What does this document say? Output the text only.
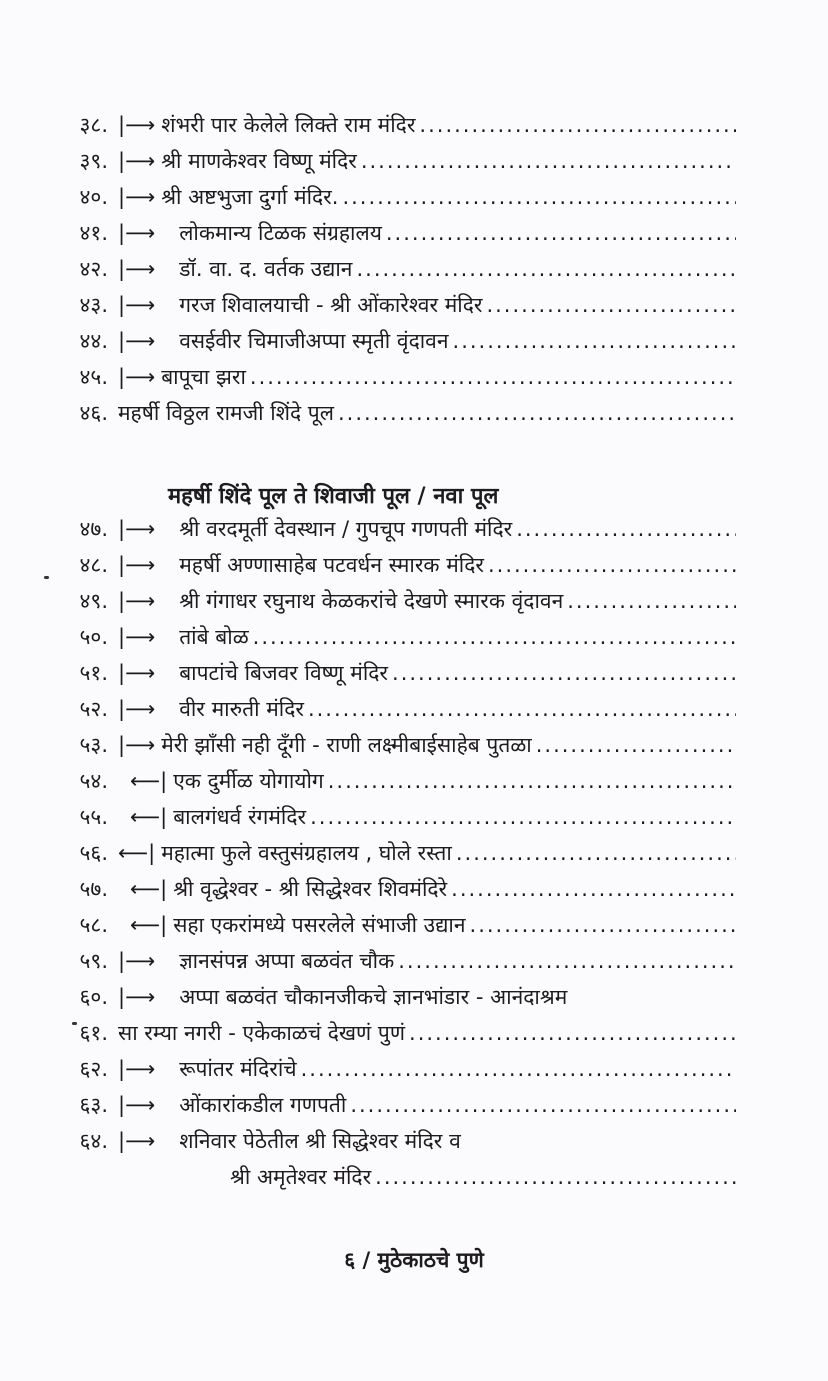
३८. |⟶ शंभरी पार केलेले लिक्ते राम मंदिर
.....
३९. |⟶ श्री माणकेश्वर विष्णू मंदिर
.....
४०. |⟶ श्री अष्टभुजा दुर्गा मंदिर.
.....
४१. |⟶ लोकमान्य टिळक संग्रहालय
.....
४२. |⟶ डॉ. वा. द. वर्तक उद्यान
.....
४३. |⟶ गरज शिवालयाची - श्री ओंकारेश्वर मंदिर
.....
४४. |⟶ वसईवीर चिमाजीअप्पा स्मृती वृंदावन
.....
४५. |⟶ बापूचा झरा
.....
४६. महर्षी विठ्ठल रामजी शिंदे पूल
.....
महर्षी शिंदे पूल ते शिवाजी पूल / नवा पूल
४७. |⟶ श्री वरदमूर्ती देवस्थान / गुपचूप गणपती मंदिर
.....
४८. |⟶ महर्षी अण्णासाहेब पटवर्धन स्मारक मंदिर
.....
४९. |⟶ श्री गंगाधर रघुनाथ केळकरांचे देखणे स्मारक वृंदावन
.....
५०. |⟶ तांबे बोळ
.....
५१. |⟶ बापटांचे बिजवर विष्णू मंदिर
.....
५२. |⟶ वीर मारुती मंदिर
.....
५३. |⟶ मेरी झाँसी नही दूँगी - राणी लक्ष्मीबाईसाहेब पुतळा
.....
५४. ⟵| एक दुर्मीळ योगायोग
.....
५५. ⟵| बालगंधर्व रंगमंदिर
.....
५६. ⟵| महात्मा फुले वस्तुसंग्रहालय , घोले रस्ता
.....
५७. ⟵| श्री वृद्धेश्वर - श्री सिद्धेश्वर शिवमंदिरे
.....
५८. ⟵| सहा एकरांमध्ये पसरलेले संभाजी उद्यान
.....
५९. |⟶ ज्ञानसंपन्न अप्पा बळवंत चौक
.....
६०. |⟶ अप्पा बळवंत चौकानजीकचे ज्ञानभांडार - आनंदाश्रम
६१. सा रम्या नगरी - एकेकाळचं देखणं पुणं
.....
६२. |⟶ रूपांतर मंदिरांचे
.....
६३. |⟶ ओंकारांकडील गणपती
.....
६४. |⟶ शनिवार पेठेतील श्री सिद्धेश्वर मंदिर व
श्री अमृतेश्वर मंदिर
.....
६ / मुठेकाठचे पुणे
